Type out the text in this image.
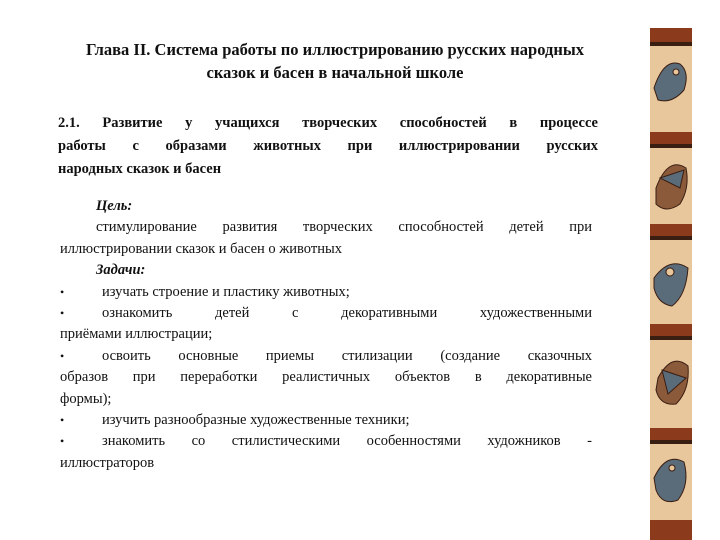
Глава II. Система работы по иллюстрированию русских народных
сказок и басен в начальной школе
2.1. Развитие у учащихся творческих способностей в процессе
работы с образами животных при иллюстрировании русских
народных сказок и басен
Цель:
стимулирование развития творческих способностей детей при
иллюстрировании сказок и басен о животных
Задачи:
•	изучать строение и пластику животных;
•	ознакомить детей с декоративными художественными
приёмами иллюстрации;
•	освоить основные приемы стилизации (создание сказочных
образов при переработки реалистичных объектов в декоративные
формы);
•	изучить разнообразные художественные техники;
•	знакомить со стилистическими особенностями художников -
иллюстраторов
